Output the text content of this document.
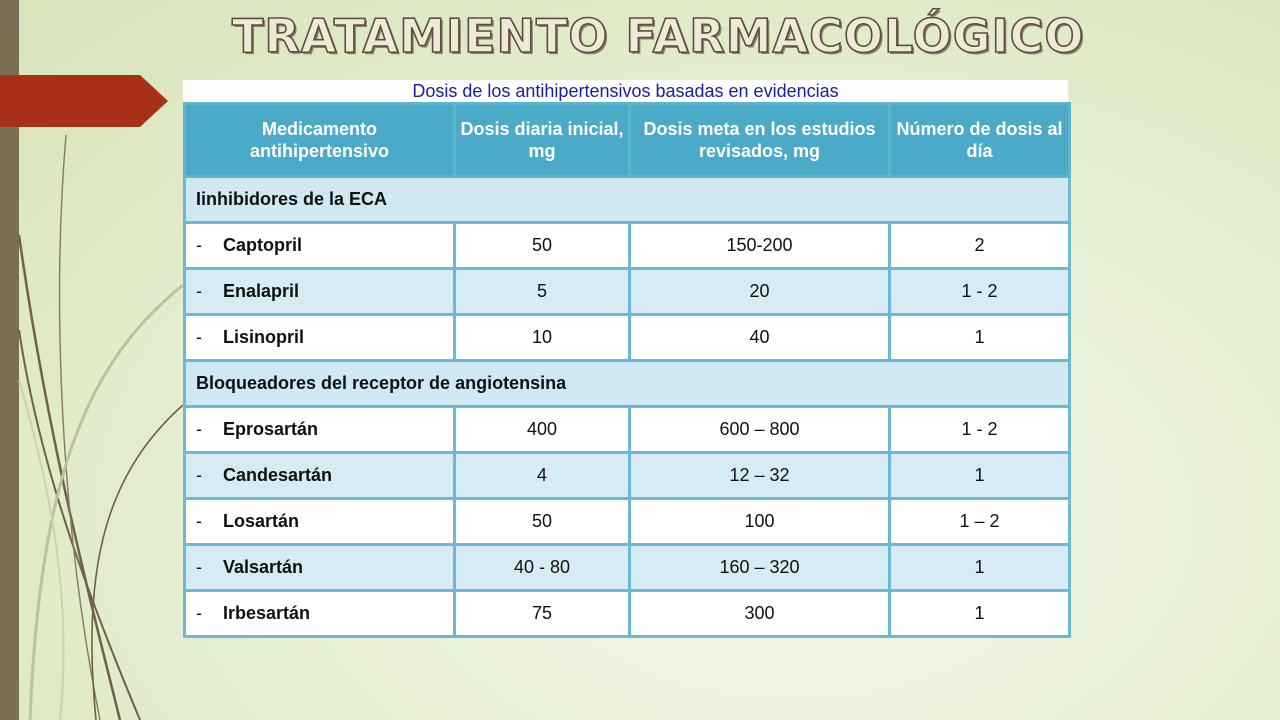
TRATAMIENTO FARMACOLÓGICO
Dosis de los antihipertensivos basadas en evidencias
Medicamento antihipertensivo	Dosis diaria inicial, mg	Dosis meta en los estudios revisados, mg	Número de dosis al día
Iinhibidores de la ECA			
- Captopril	50	150-200	2
- Enalapril	5	20	1 - 2
- Lisinopril	10	40	1
Bloqueadores del receptor de angiotensina			
- Eprosartán	400	600 – 800	1 - 2
- Candesartán	4	12 – 32	1
- Losartán	50	100	1 – 2
- Valsartán	40 - 80	160 – 320	1
- Irbesartán	75	300	1
